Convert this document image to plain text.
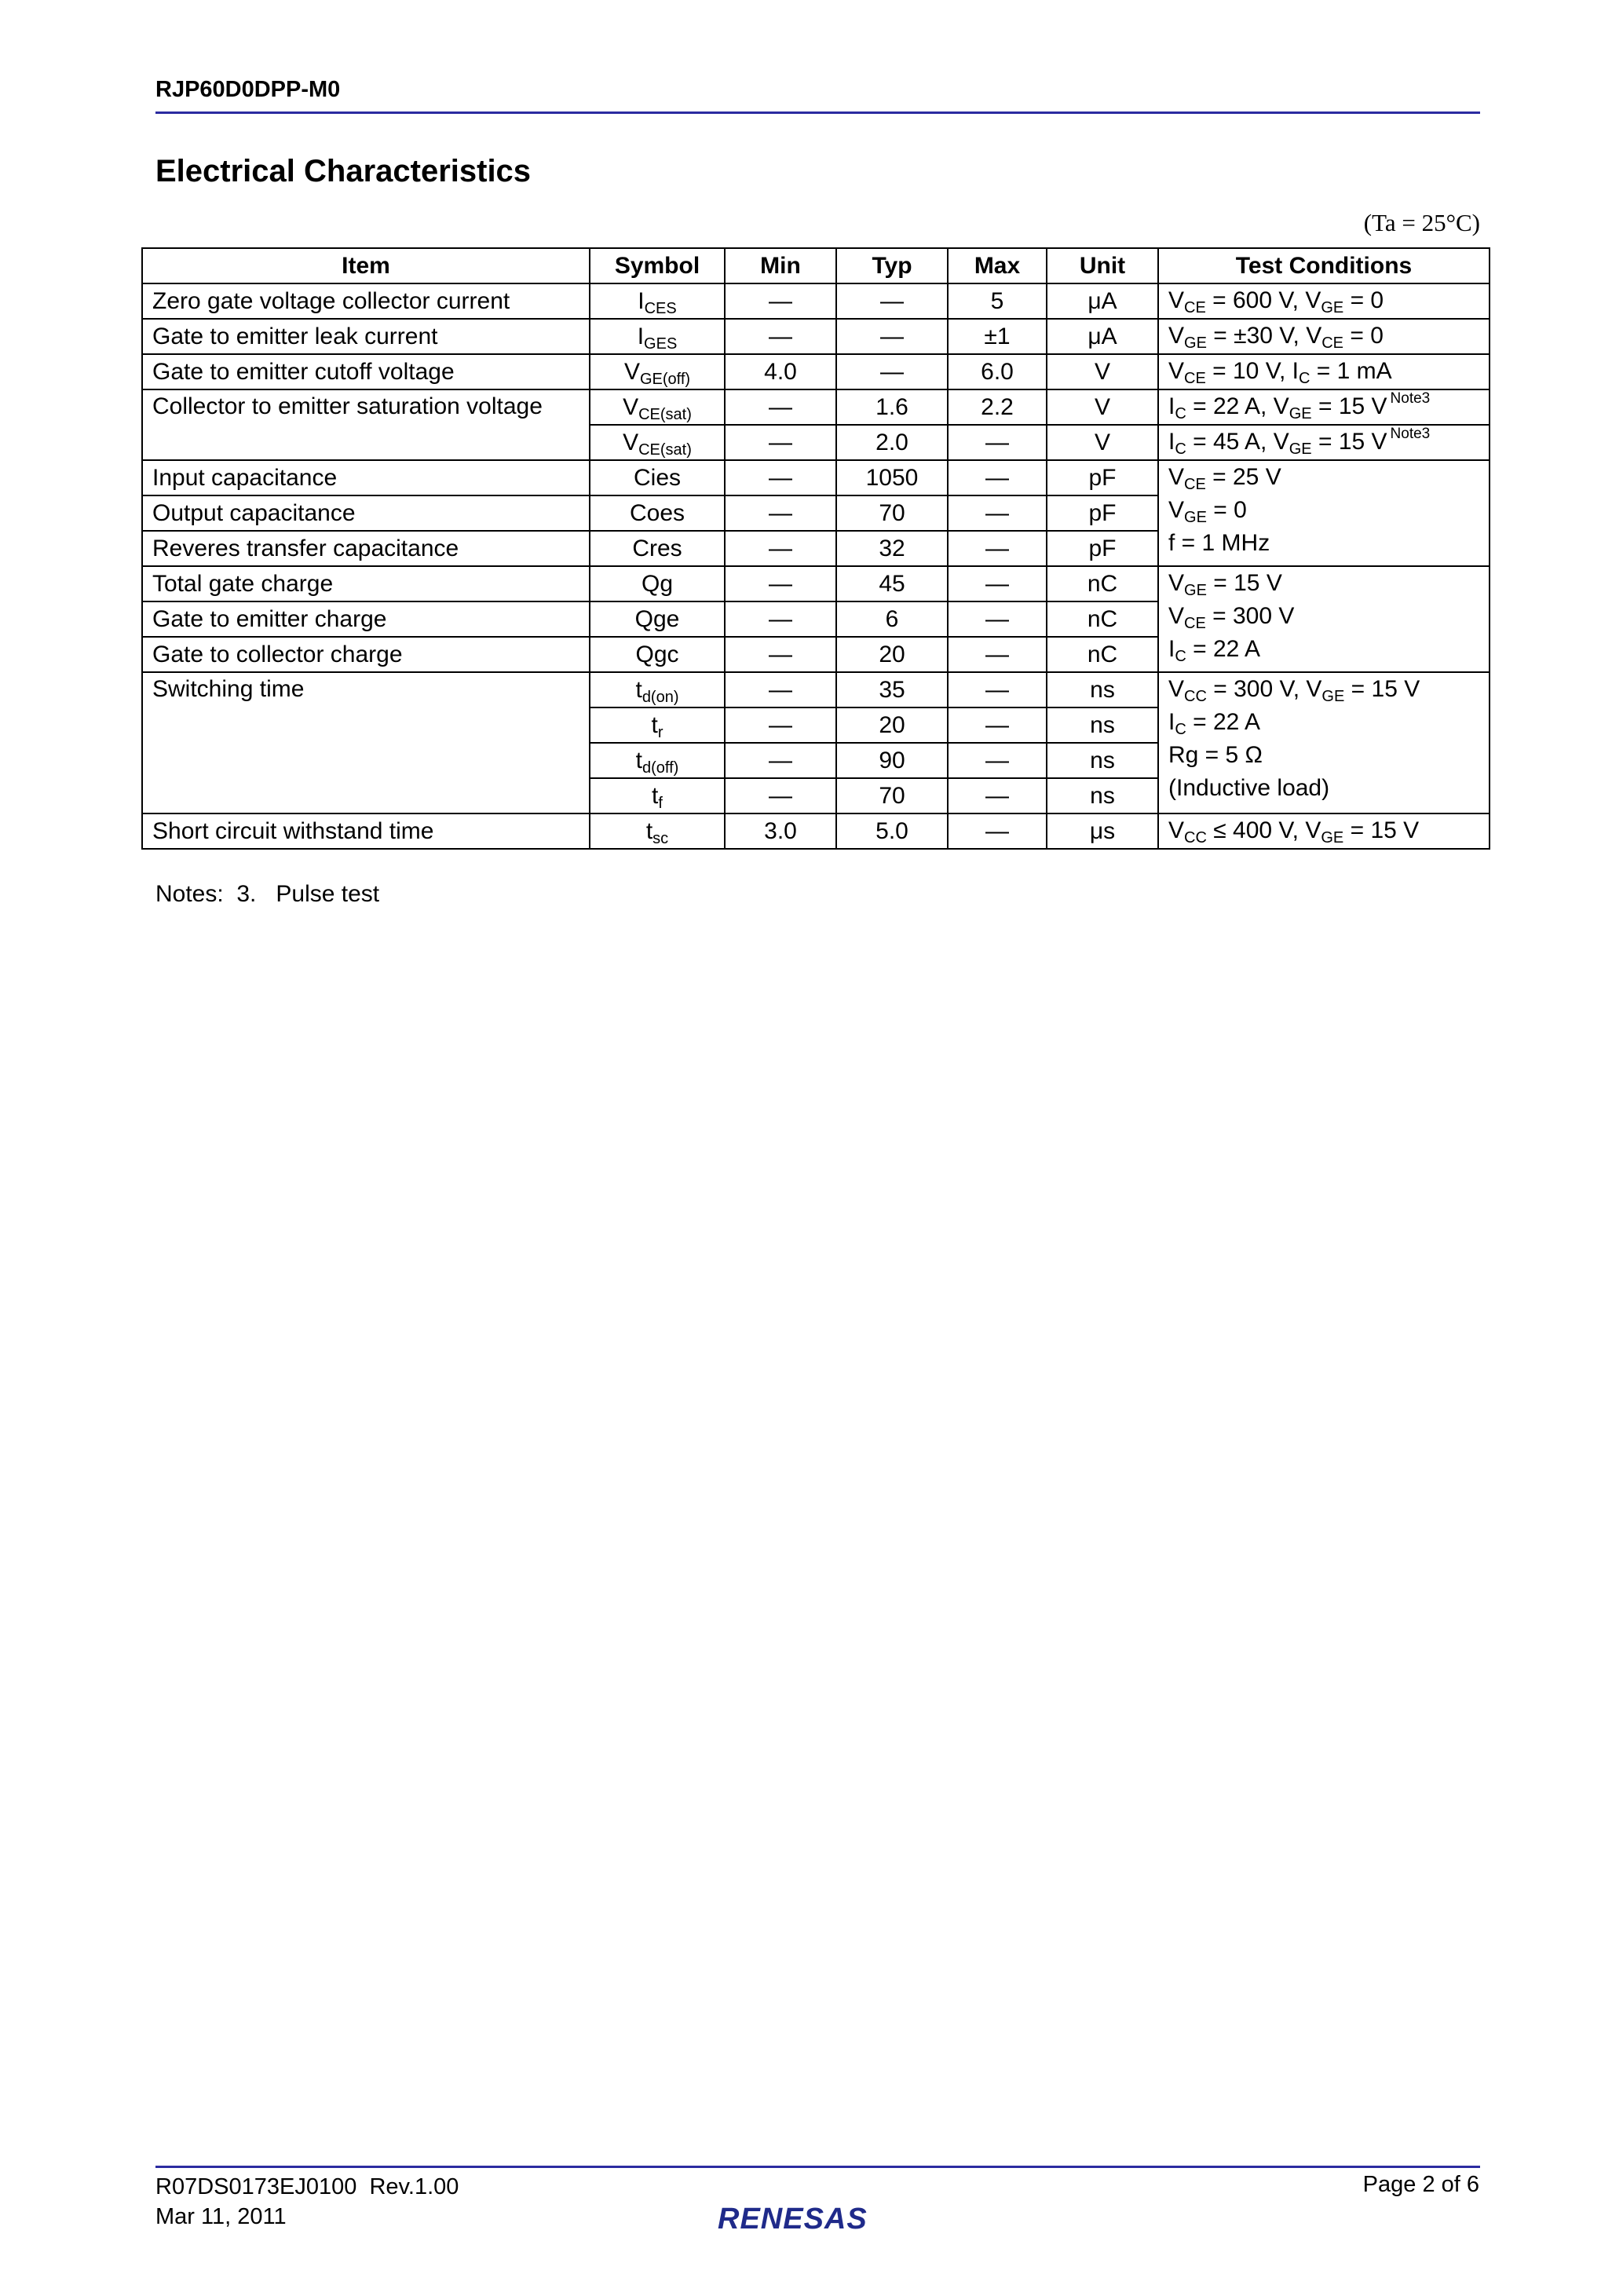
RJP60D0DPP-M0
Electrical Characteristics
(Ta = 25°C)
Item	Symbol	Min	Typ	Max	Unit	Test Conditions
Zero gate voltage collector current	$I_{CES}$	—	—	5	μA	$V_{CE} = 600$ V, $V_{GE} = 0$
Gate to emitter leak current	$I_{GES}$	—	—	±1	μA	$V_{GE} = \pm 30$ V, $V_{CE} = 0$
Gate to emitter cutoff voltage	$V_{GE(off)}$	4.0	—	6.0	V	$V_{CE} = 10$ V, $I_C = 1$ mA
Collector to emitter saturation voltage	$V_{CE(sat)}$	—	1.6	2.2	V	$I_C = 22$ A, $V_{GE} = 15$ V $^{Note3}$
	$V_{CE(sat)}$	—	2.0	—	V	$I_C = 45$ A, $V_{GE} = 15$ V $^{Note3}$
Input capacitance	Cies	—	1050	—	pF	$V_{CE} = 25$ V
$V_{GE} = 0$
f = 1 MHz

Output capacitance	Coes	—	70	—	pF	
Reveres transfer capacitance	Cres	—	32	—	pF	
Total gate charge	Qg	—	45	—	nC	$V_{GE} = 15$ V
$V_{CE} = 300$ V
$I_C = 22$ A

Gate to emitter charge	Qge	—	6	—	nC	
Gate to collector charge	Qgc	—	20	—	nC	
Switching time	$t_{d(on)}$	—	35	—	ns	$V_{CC} = 300$ V, $V_{GE} = 15$ V
$I_C = 22$ A
Rg = 5 Ω
(Inductive load)

	$t_r$	—	20	—	ns	
	$t_{d(off)}$	—	90	—	ns	
	$t_f$	—	70	—	ns	
Short circuit withstand time	$t_{sc}$	3.0	5.0	—	μs	$V_{CC} \le 400$ V, $V_{GE} = 15$ V
Notes:  3.   Pulse test
R07DS0173EJ0100  Rev.1.00
Mar 11, 2011
Page 2 of 6
RENESAS
